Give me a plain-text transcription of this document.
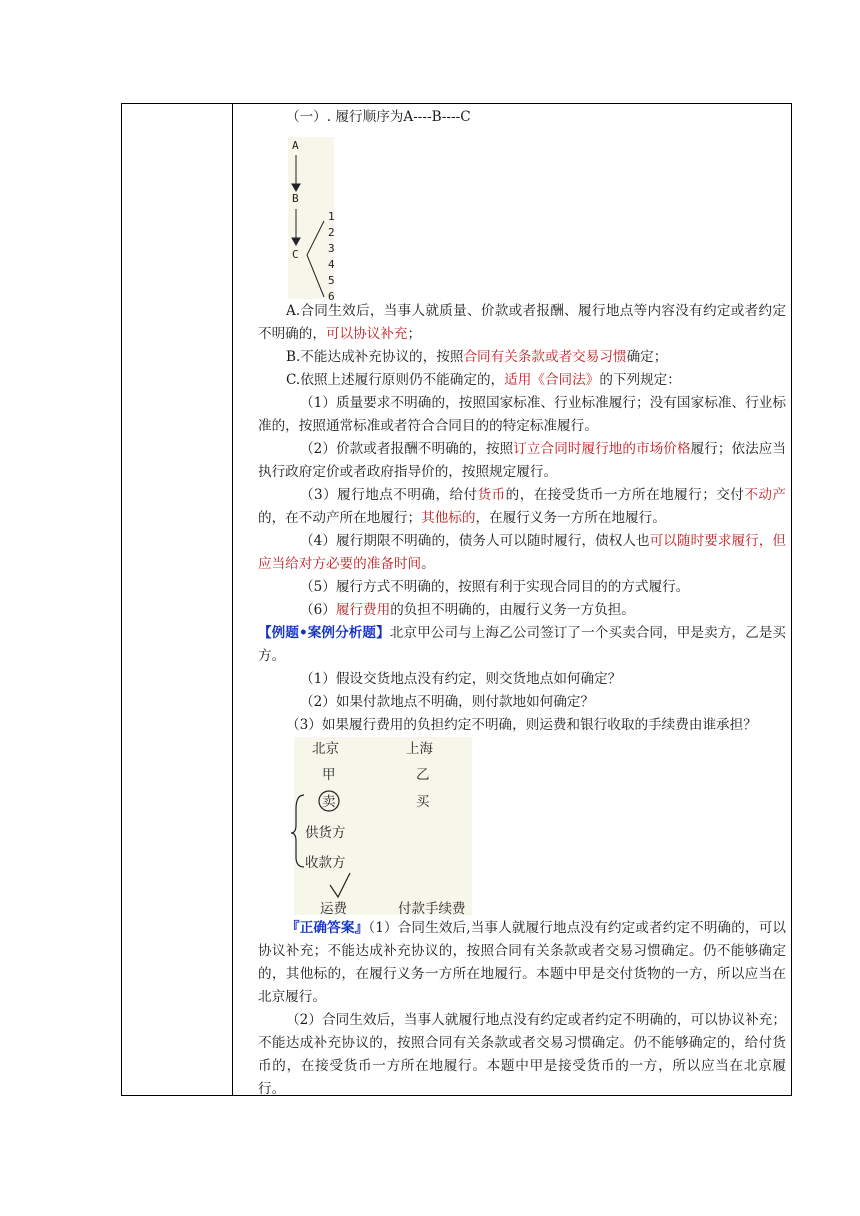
（一）. 履行顺序为A----B----C

A
B
C
1
2
3
4
5
6

A.合同生效后，当事人就质量、价款或者报酬、履行地点等内容没有约定或者约定不明确的，可以协议补充；

B.不能达成补充协议的，按照合同有关条款或者交易习惯确定；

C.依照上述履行原则仍不能确定的，适用《合同法》的下列规定：

（1）质量要求不明确的，按照国家标准、行业标准履行；没有国家标准、行业标准的，按照通常标准或者符合合同目的的特定标准履行。

（2）价款或者报酬不明确的，按照订立合同时履行地的市场价格履行；依法应当执行政府定价或者政府指导价的，按照规定履行。

（3）履行地点不明确，给付货币的，在接受货币一方所在地履行；交付不动产的，在不动产所在地履行；其他标的，在履行义务一方所在地履行。

（4）履行期限不明确的，债务人可以随时履行，债权人也可以随时要求履行，但应当给对方必要的准备时间。

（5）履行方式不明确的，按照有利于实现合同目的的方式履行。

（6）履行费用的负担不明确的，由履行义务一方负担。

【例题•案例分析题】北京甲公司与上海乙公司签订了一个买卖合同，甲是卖方，乙是买方。

（1）假设交货地点没有约定，则交货地点如何确定？

（2）如果付款地点不明确，则付款地如何确定？

（3）如果履行费用的负担约定不明确，则运费和银行收取的手续费由谁承担？

北京	上海
甲	乙
卖	买
供货方
收款方
运费	付款手续费

『正确答案』（1）合同生效后,当事人就履行地点没有约定或者约定不明确的，可以协议补充；不能达成补充协议的，按照合同有关条款或者交易习惯确定。仍不能够确定的，其他标的，在履行义务一方所在地履行。本题中甲是交付货物的一方，所以应当在北京履行。

（2）合同生效后，当事人就履行地点没有约定或者约定不明确的，可以协议补充；不能达成补充协议的，按照合同有关条款或者交易习惯确定。仍不能够确定的，给付货币的，在接受货币一方所在地履行。本题中甲是接受货币的一方，所以应当在北京履行。
